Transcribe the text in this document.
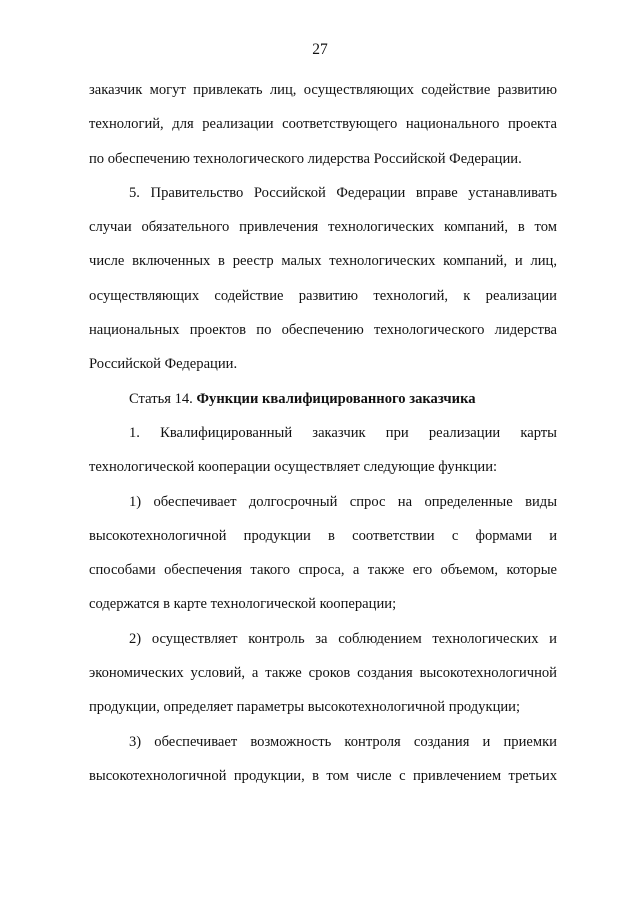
27

заказчик могут привлекать лиц, осуществляющих содействие развитию

технологий, для реализации соответствующего национального проекта

по обеспечению технологического лидерства Российской Федерации.

5. Правительство Российской Федерации вправе устанавливать

случаи обязательного привлечения технологических компаний, в том

числе включенных в реестр малых технологических компаний, и лиц,

осуществляющих содействие развитию технологий, к реализации

национальных проектов по обеспечению технологического лидерства

Российской Федерации.

Статья 14. Функции квалифицированного заказчика

1. Квалифицированный заказчик при реализации карты

технологической кооперации осуществляет следующие функции:

1) обеспечивает долгосрочный спрос на определенные виды

высокотехнологичной продукции в соответствии с формами и

способами обеспечения такого спроса, а также его объемом, которые

содержатся в карте технологической кооперации;

2) осуществляет контроль за соблюдением технологических и

экономических условий, а также сроков создания высокотехнологичной

продукции, определяет параметры высокотехнологичной продукции;

3) обеспечивает возможность контроля создания и приемки

высокотехнологичной продукции, в том числе с привлечением третьих
